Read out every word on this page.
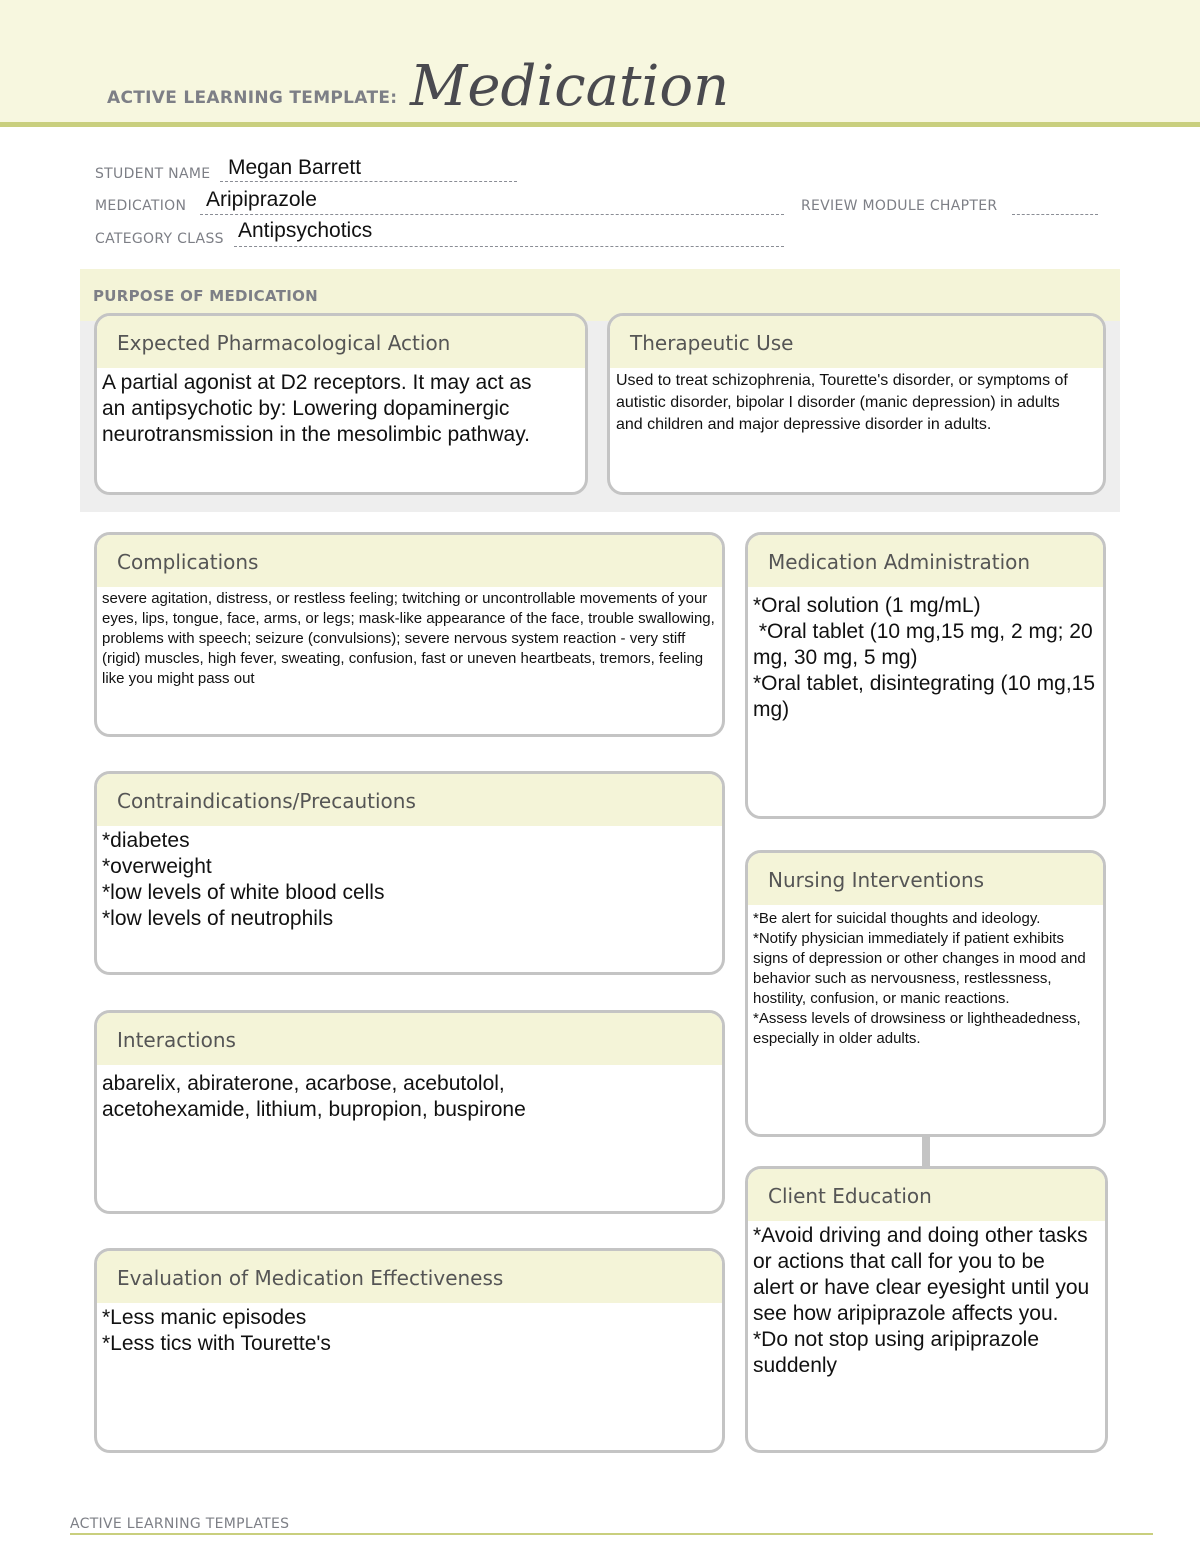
ACTIVE LEARNING TEMPLATE: Medication
STUDENT NAME Megan Barrett
MEDICATION Aripiprazole	REVIEW MODULE CHAPTER
CATEGORY CLASS Antipsychotics
PURPOSE OF MEDICATION
Expected Pharmacological Action
A partial agonist at D2 receptors. It may act as an antipsychotic by: Lowering dopaminergic neurotransmission in the mesolimbic pathway.
Therapeutic Use
Used to treat schizophrenia, Tourette's disorder, or symptoms of autistic disorder, bipolar I disorder (manic depression) in adults and children and major depressive disorder in adults.
Complications
severe agitation, distress, or restless feeling; twitching or uncontrollable movements of your eyes, lips, tongue, face, arms, or legs; mask-like appearance of the face, trouble swallowing, problems with speech; seizure (convulsions); severe nervous system reaction - very stiff (rigid) muscles, high fever, sweating, confusion, fast or uneven heartbeats, tremors, feeling like you might pass out
Medication Administration
*Oral solution (1 mg/mL)
*Oral tablet (10 mg,15 mg, 2 mg; 20 mg, 30 mg, 5 mg)
*Oral tablet, disintegrating (10 mg,15 mg)
Contraindications/Precautions
*diabetes
*overweight
*low levels of white blood cells
*low levels of neutrophils
Nursing Interventions
*Be alert for suicidal thoughts and ideology.
*Notify physician immediately if patient exhibits signs of depression or other changes in mood and behavior such as nervousness, restlessness, hostility, confusion, or manic reactions.
*Assess levels of drowsiness or lightheadedness, especially in older adults.
Interactions
abarelix, abiraterone, acarbose, acebutolol, acetohexamide, lithium, bupropion, buspirone
Client Education
*Avoid driving and doing other tasks or actions that call for you to be alert or have clear eyesight until you see how aripiprazole affects you.
*Do not stop using aripiprazole suddenly
Evaluation of Medication Effectiveness
*Less manic episodes
*Less tics with Tourette's
ACTIVE LEARNING TEMPLATES
